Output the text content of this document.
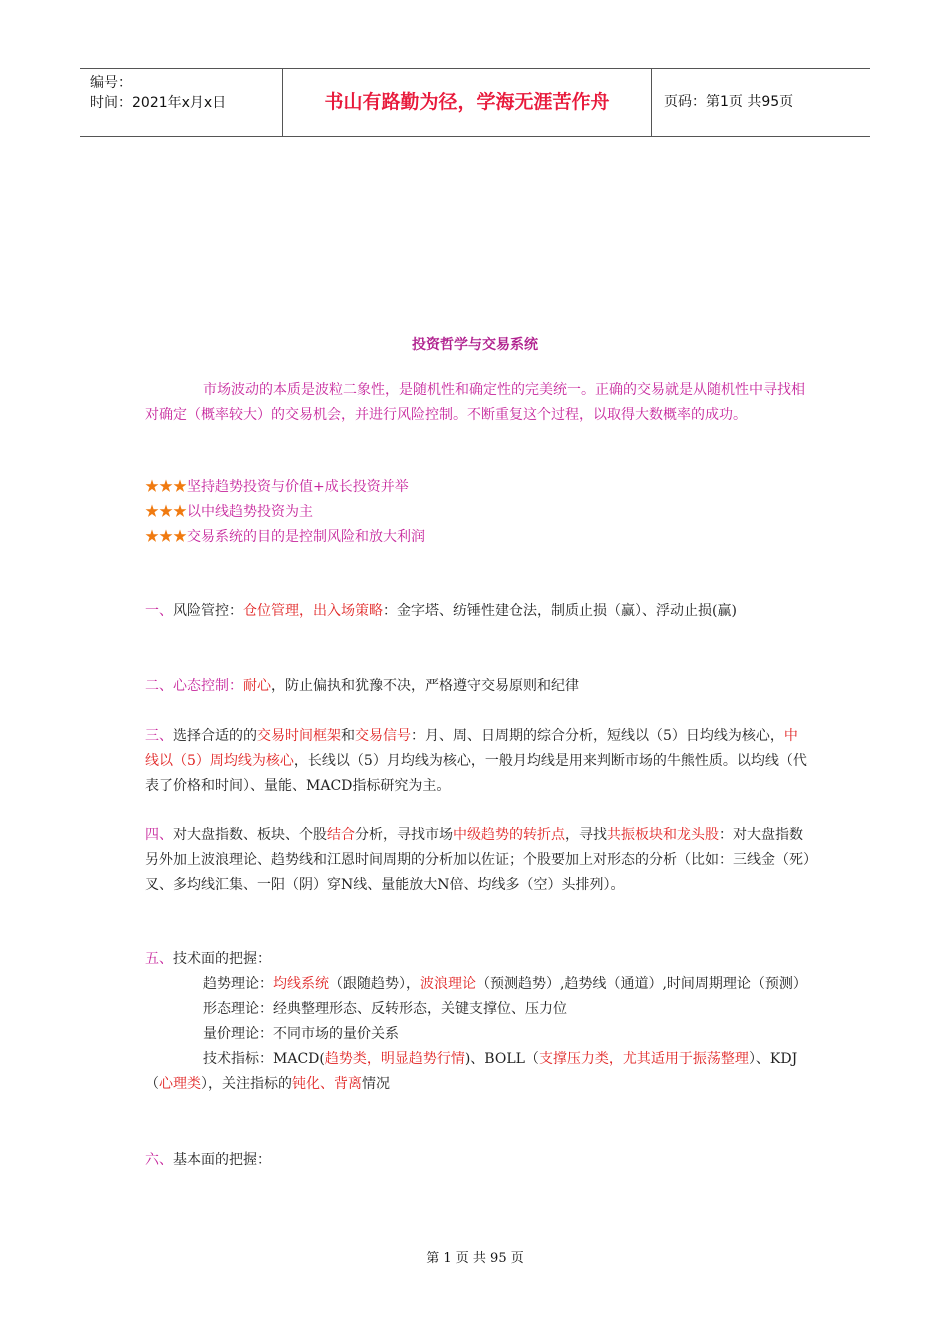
编号：
时间：2021年x月x日	书山有路勤为径，学海无涯苦作舟	页码：第1页 共95页
投资哲学与交易系统
市场波动的本质是波粒二象性，是随机性和确定性的完美统一。正确的交易就是从随机性中寻找相对确定（概率较大）的交易机会，并进行风险控制。不断重复这个过程，以取得大数概率的成功。
★★★坚持趋势投资与价值+成长投资并举
★★★以中线趋势投资为主
★★★交易系统的目的是控制风险和放大利润
一、风险管控：仓位管理，出入场策略：金字塔、纺锤性建仓法，制质止损（赢）、浮动止损(赢)
二、心态控制：耐心，防止偏执和犹豫不决，严格遵守交易原则和纪律
三、选择合适的的交易时间框架和交易信号：月、周、日周期的综合分析，短线以（5）日均线为核心，中线以（5）周均线为核心，长线以（5）月均线为核心，一般月均线是用来判断市场的牛熊性质。以均线（代表了价格和时间）、量能、MACD指标研究为主。
四、对大盘指数、板块、个股结合分析，寻找市场中级趋势的转折点，寻找共振板块和龙头股：对大盘指数另外加上波浪理论、趋势线和江恩时间周期的分析加以佐证；个股要加上对形态的分析（比如：三线金（死）叉、多均线汇集、一阳（阴）穿N线、量能放大N倍、均线多（空）头排列）。
五、技术面的把握：
趋势理论：均线系统（跟随趋势），波浪理论（预测趋势）,趋势线（通道）,时间周期理论（预测）
形态理论：经典整理形态、反转形态，关键支撑位、压力位
量价理论：不同市场的量价关系
技术指标：MACD(趋势类，明显趋势行情)、BOLL（支撑压力类，尤其适用于振荡整理）、KDJ（心理类），关注指标的钝化、背离情况
六、基本面的把握：
第 1 页 共 95 页
